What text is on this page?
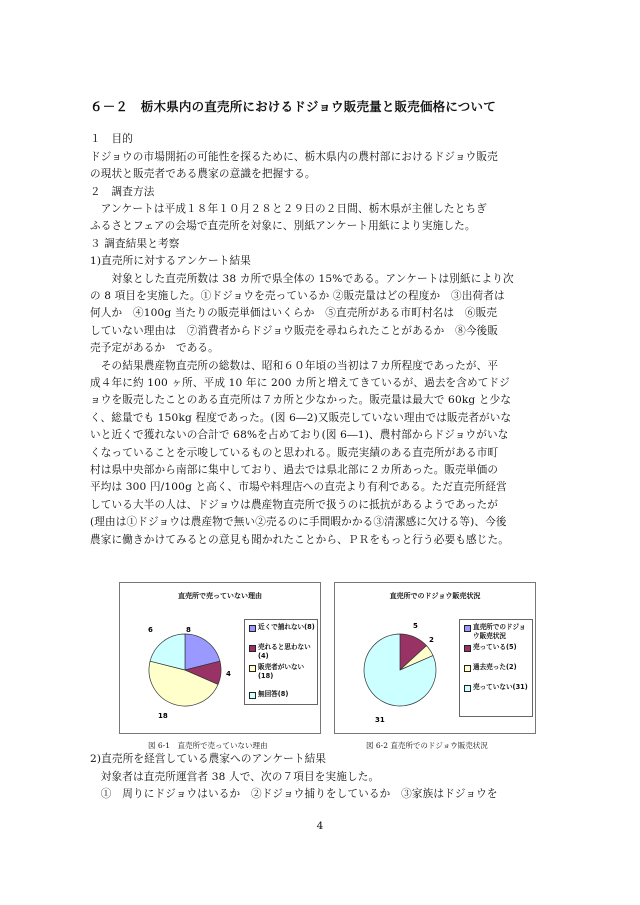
６－２　栃木県内の直売所におけるドジョウ販売量と販売価格について
１　目的
ドジョウの市場開拓の可能性を探るために、栃木県内の農村部におけるドジョウ販売
の現状と販売者である農家の意識を把握する。
２　調査方法
　アンケートは平成１８年１０月２８と２９日の２日間、栃木県が主催したとちぎ
ふるさとフェアの会場で直売所を対象に、別紙アンケート用紙により実施した。
３ 調査結果と考察
1)直売所に対するアンケート結果
　　対象とした直売所数は 38 カ所で県全体の 15%である。アンケートは別紙により次
の 8 項目を実施した。①ドジョウを売っているか ②販売量はどの程度か　③出荷者は
何人か　④100g 当たりの販売単価はいくらか　⑤直売所がある市町村名は　⑥販売
していない理由は　⑦消費者からドジョウ販売を尋ねられたことがあるか　⑧今後販
売予定があるか　である。
　その結果農産物直売所の総数は、昭和６０年頃の当初は７カ所程度であったが、平
成４年に約 100 ヶ所、平成 10 年に 200 カ所と増えてきているが、過去を含めてドジ
ョウを販売したことのある直売所は７カ所と少なかった。販売量は最大で 60kg と少な
く、総量でも 150kg 程度であった。(図 6―2)又販売していない理由では販売者がいな
いと近くで獲れないの合計で 68%を占めており(図 6―1)、農村部からドジョウがいな
くなっていることを示唆しているものと思われる。販売実績のある直売所がある市町
村は県中央部から南部に集中しており、過去では県北部に２カ所あった。販売単価の
平均は 300 円/100g と高く、市場や料理店への直売より有利である。ただ直売所経営
している大半の人は、ドジョウは農産物直売所で扱うのに抵抗があるようであったが
(理由は①ドジョウは農産物で無い②売るのに手間暇かかる③清潔感に欠ける等)、今後
農家に働きかけてみるとの意見も聞かれたことから、ＰＲをもっと行う必要も感じた。
直売所で売っていない理由
8
4
18
6	近くで捕れない(8)
売れると思わない(4)
販売者がいない(18)
無回答(8)
図 6-1　直売所で売っていない理由
直売所でのドジョウ販売状況
5
2
31
直売所でのドジョウ販売状況
売っている(5)
過去売った(2)
売っていない(31)
図 6-2 直売所でのドジョウ販売状況
2)直売所を経営している農家へのアンケート結果
　対象者は直売所運営者 38 人で、次の７項目を実施した。
　①　周りにドジョウはいるか　②ドジョウ捕りをしているか　③家族はドジョウを
4
